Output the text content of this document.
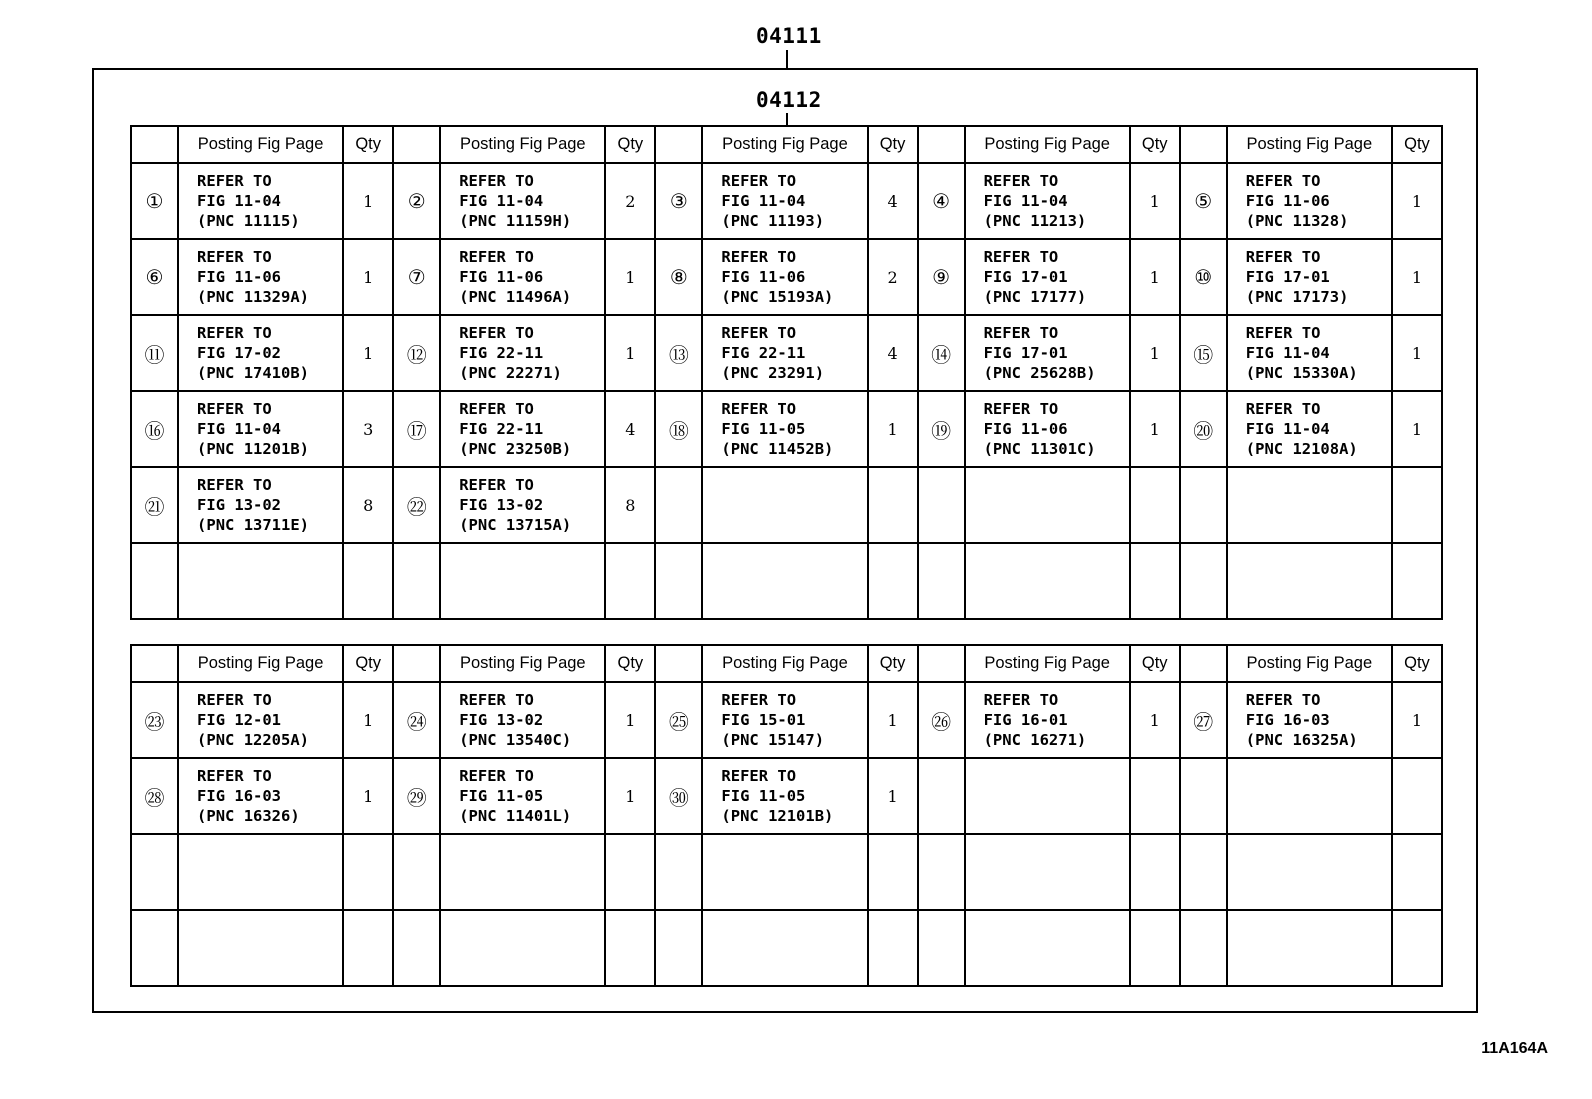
04111
04112
	Posting Fig Page	Qty		Posting Fig Page	Qty		Posting Fig Page	Qty		Posting Fig Page	Qty		Posting Fig Page	Qty
①	REFER TO
FIG 11-04
(PNC 11115)	1	②	REFER TO
FIG 11-04
(PNC 11159H)	2	③	REFER TO
FIG 11-04
(PNC 11193)	4	④	REFER TO
FIG 11-04
(PNC 11213)	1	⑤	REFER TO
FIG 11-06
(PNC 11328)	1
⑥	REFER TO
FIG 11-06
(PNC 11329A)	1	⑦	REFER TO
FIG 11-06
(PNC 11496A)	1	⑧	REFER TO
FIG 11-06
(PNC 15193A)	2	⑨	REFER TO
FIG 17-01
(PNC 17177)	1	⑩	REFER TO
FIG 17-01
(PNC 17173)	1
⑪	REFER TO
FIG 17-02
(PNC 17410B)	1	⑫	REFER TO
FIG 22-11
(PNC 22271)	1	⑬	REFER TO
FIG 22-11
(PNC 23291)	4	⑭	REFER TO
FIG 17-01
(PNC 25628B)	1	⑮	REFER TO
FIG 11-04
(PNC 15330A)	1
⑯	REFER TO
FIG 11-04
(PNC 11201B)	3	⑰	REFER TO
FIG 22-11
(PNC 23250B)	4	⑱	REFER TO
FIG 11-05
(PNC 11452B)	1	⑲	REFER TO
FIG 11-06
(PNC 11301C)	1	⑳	REFER TO
FIG 11-04
(PNC 12108A)	1
㉑	REFER TO
FIG 13-02
(PNC 13711E)	8	㉒	REFER TO
FIG 13-02
(PNC 13715A)	8									

	Posting Fig Page	Qty		Posting Fig Page	Qty		Posting Fig Page	Qty		Posting Fig Page	Qty		Posting Fig Page	Qty
㉓	REFER TO
FIG 12-01
(PNC 12205A)	1	㉔	REFER TO
FIG 13-02
(PNC 13540C)	1	㉕	REFER TO
FIG 15-01
(PNC 15147)	1	㉖	REFER TO
FIG 16-01
(PNC 16271)	1	㉗	REFER TO
FIG 16-03
(PNC 16325A)	1
㉘	REFER TO
FIG 16-03
(PNC 16326)	1	㉙	REFER TO
FIG 11-05
(PNC 11401L)	1	㉚	REFER TO
FIG 11-05
(PNC 12101B)	1						

11A164A
